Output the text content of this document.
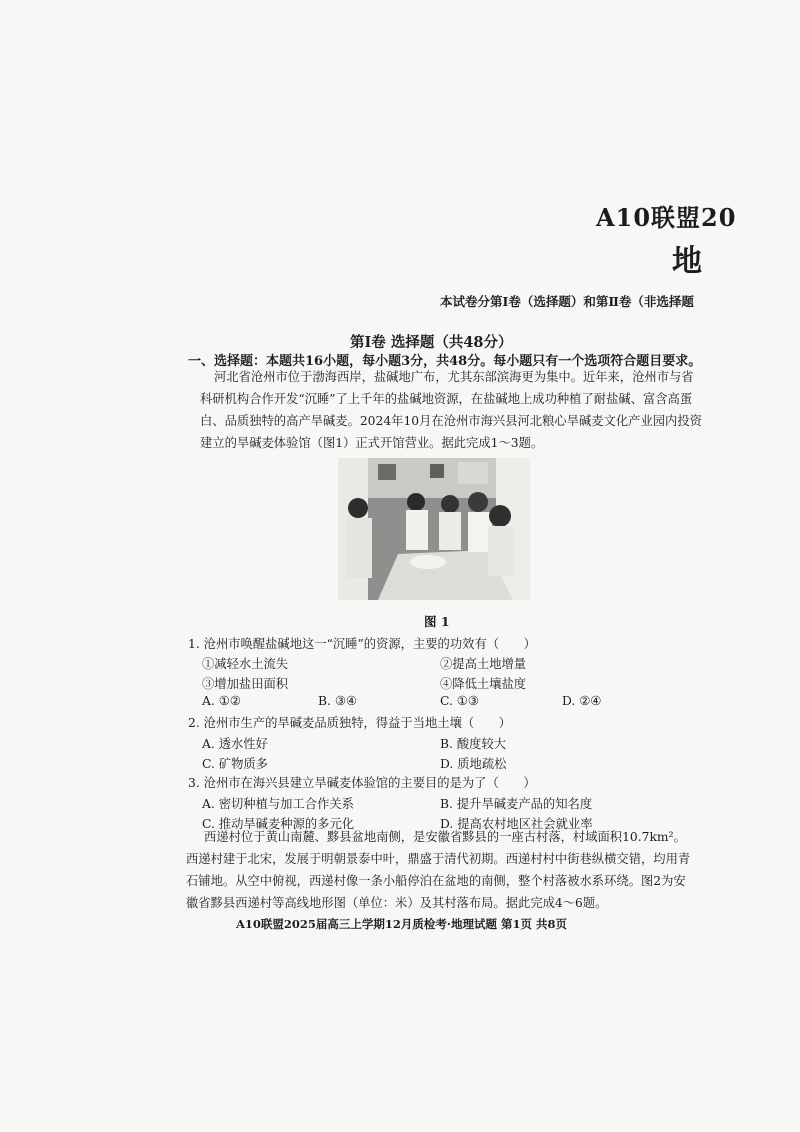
A10联盟20
地
本试卷分第Ⅰ卷（选择题）和第Ⅱ卷（非选择题
第Ⅰ卷 选择题（共48分）
一、选择题：本题共16小题，每小题3分，共48分。每小题只有一个选项符合题目要求。
河北省沧州市位于渤海西岸，盐碱地广布，尤其东部滨海更为集中。近年来，沧州市与省
科研机构合作开发“沉睡”了上千年的盐碱地资源，在盐碱地上成功种植了耐盐碱、富含高蛋
白、品质独特的高产旱碱麦。2024年10月在沧州市海兴县河北粮心旱碱麦文化产业园内投资
建立的旱碱麦体验馆（图1）正式开馆营业。据此完成1～3题。
图 1
1. 沧州市唤醒盐碱地这一“沉睡”的资源，主要的功效有（　　）
①减轻水土流失	②提高土地增量
③增加盐田面积	④降低土壤盐度
A. ①②	B. ③④	C. ①③	D. ②④
2. 沧州市生产的旱碱麦品质独特，得益于当地土壤（　　）
A. 透水性好	B. 酸度较大
C. 矿物质多	D. 质地疏松
3. 沧州市在海兴县建立旱碱麦体验馆的主要目的是为了（　　）
A. 密切种植与加工合作关系	B. 提升旱碱麦产品的知名度
C. 推动旱碱麦种源的多元化	D. 提高农村地区社会就业率
西递村位于黄山南麓、黟县盆地南侧，是安徽省黟县的一座古村落，村域面积10.7km²。
西递村建于北宋，发展于明朝景泰中叶，鼎盛于清代初期。西递村村中街巷纵横交错，均用青
石铺地。从空中俯视，西递村像一条小船停泊在盆地的南侧，整个村落被水系环绕。图2为安
徽省黟县西递村等高线地形图（单位：米）及其村落布局。据此完成4～6题。
A10联盟2025届高三上学期12月质检考·地理试题 第1页 共8页
